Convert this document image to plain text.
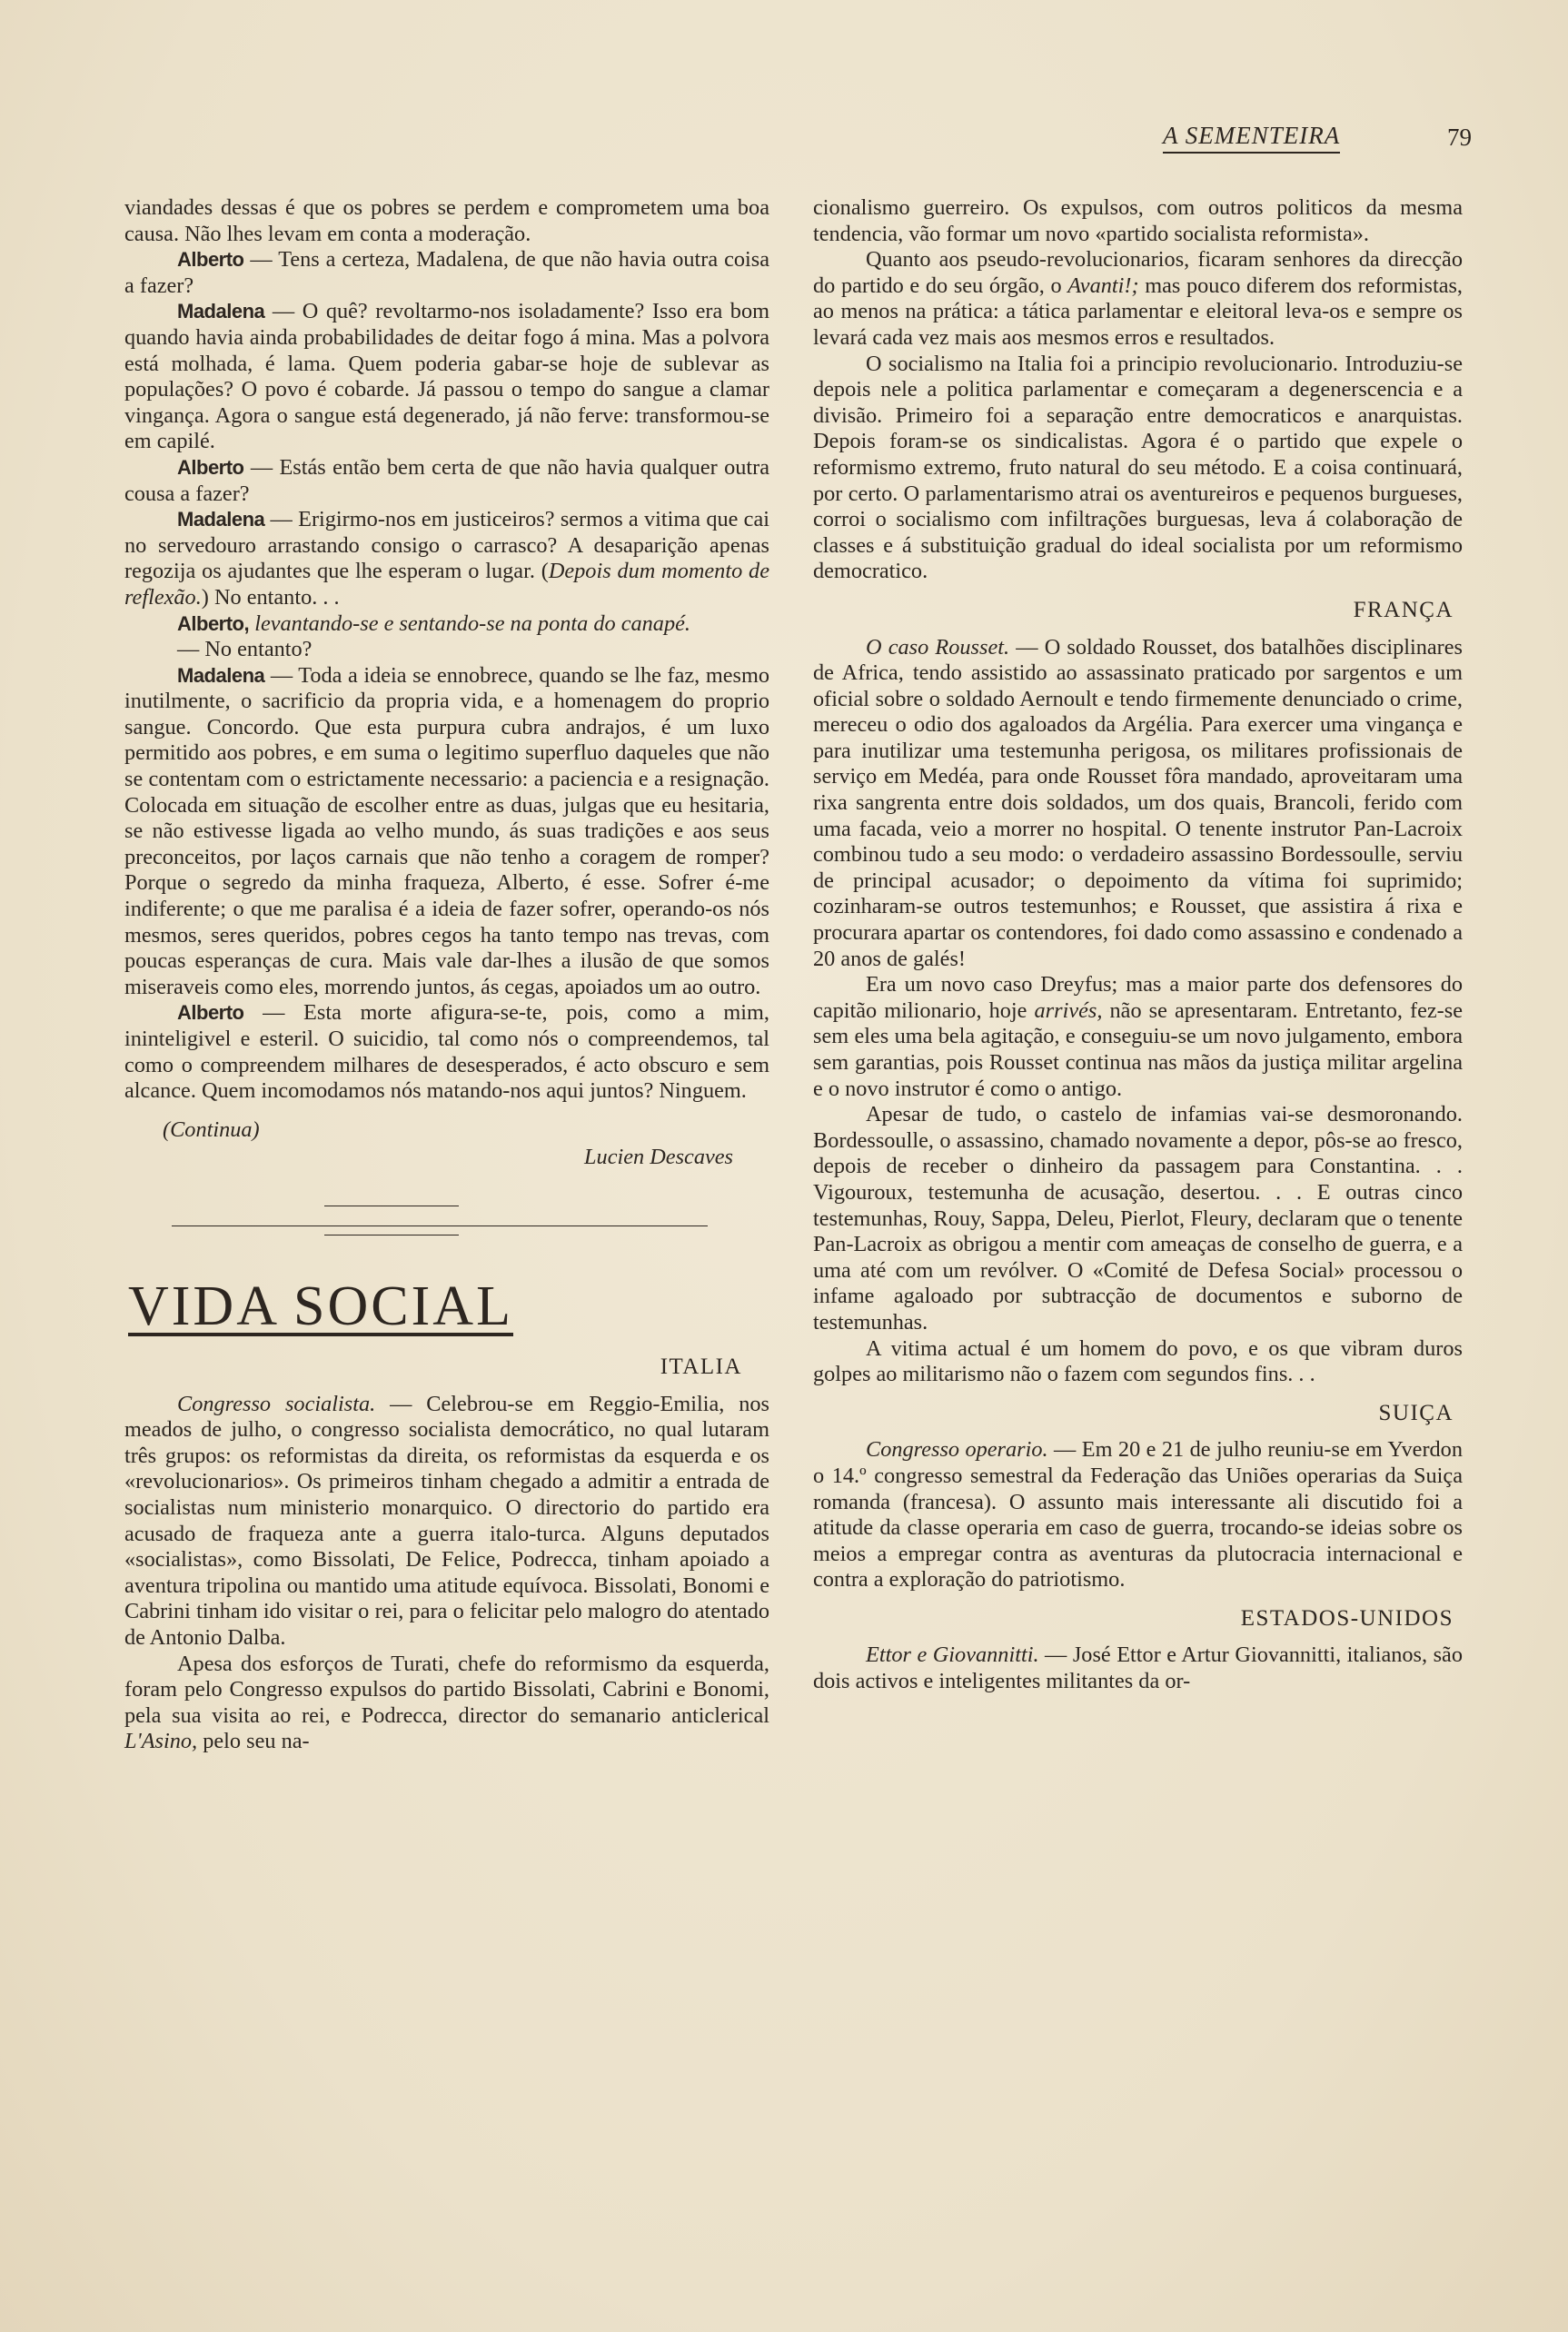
A SEMENTEIRA	79

viandades dessas é que os pobres se perdem e comprometem uma boa causa. Não lhes levam em conta a moderação.

Alberto — Tens a certeza, Madalena, de que não havia outra coisa a fazer?

Madalena — O quê? revoltarmo-nos isoladamente? Isso era bom quando havia ainda probabilidades de deitar fogo á mina. Mas a polvora está molhada, é lama. Quem poderia gabar-se hoje de sublevar as populações? O povo é cobarde. Já passou o tempo do sangue a clamar vingança. Agora o sangue está degenerado, já não ferve: transformou-se em capilé.

Alberto — Estás então bem certa de que não havia qualquer outra cousa a fazer?

Madalena — Erigirmo-nos em justiceiros? sermos a vitima que cai no servedouro arrastando consigo o carrasco? A desaparição apenas regozija os ajudantes que lhe esperam o lugar. (Depois dum momento de reflexão.) No entanto. . .

Alberto, levantando-se e sentando-se na ponta do canapé.

— No entanto?

Madalena — Toda a ideia se ennobrece, quando se lhe faz, mesmo inutilmente, o sacrificio da propria vida, e a homenagem do proprio sangue. Concordo. Que esta purpura cubra andrajos, é um luxo permitido aos pobres, e em suma o legitimo superfluo daqueles que não se contentam com o estrictamente necessario: a paciencia e a resignação. Colocada em situação de escolher entre as duas, julgas que eu hesitaria, se não estivesse ligada ao velho mundo, ás suas tradições e aos seus preconceitos, por laços carnais que não tenho a coragem de romper? Porque o segredo da minha fraqueza, Alberto, é esse. Sofrer é-me indiferente; o que me paralisa é a ideia de fazer sofrer, operando-os nós mesmos, seres queridos, pobres cegos ha tanto tempo nas trevas, com poucas esperanças de cura. Mais vale dar-lhes a ilusão de que somos miseraveis como eles, morrendo juntos, ás cegas, apoiados um ao outro.

Alberto — Esta morte afigura-se-te, pois, como a mim, ininteligivel e esteril. O suicidio, tal como nós o compreendemos, tal como o compreendem milhares de desesperados, é acto obscuro e sem alcance. Quem incomodamos nós matando-nos aqui juntos? Ninguem.

(Continua)

Lucien Descaves

VIDA SOCIAL

ITALIA

Congresso socialista. — Celebrou-se em Reggio-Emilia, nos meados de julho, o congresso socialista democrático, no qual lutaram três grupos: os reformistas da direita, os reformistas da esquerda e os «revolucionarios». Os primeiros tinham chegado a admitir a entrada de socialistas num ministerio monarquico. O directorio do partido era acusado de fraqueza ante a guerra italo-turca. Alguns deputados «socialistas», como Bissolati, De Felice, Podrecca, tinham apoiado a aventura tripolina ou mantido uma atitude equívoca. Bissolati, Bonomi e Cabrini tinham ido visitar o rei, para o felicitar pelo malogro do atentado de Antonio Dalba.

Apesa dos esforços de Turati, chefe do reformismo da esquerda, foram pelo Congresso expulsos do partido Bissolati, Cabrini e Bonomi, pela sua visita ao rei, e Podrecca, director do semanario anticlerical L'Asino, pelo seu na-

cionalismo guerreiro. Os expulsos, com outros politicos da mesma tendencia, vão formar um novo «partido socialista reformista».

Quanto aos pseudo-revolucionarios, ficaram senhores da direcção do partido e do seu órgão, o Avanti!; mas pouco diferem dos reformistas, ao menos na prática: a tática parlamentar e eleitoral leva-os e sempre os levará cada vez mais aos mesmos erros e resultados.

O socialismo na Italia foi a principio revolucionario. Introduziu-se depois nele a politica parlamentar e começaram a degenerscencia e a divisão. Primeiro foi a separação entre democraticos e anarquistas. Depois foram-se os sindicalistas. Agora é o partido que expele o reformismo extremo, fruto natural do seu método. E a coisa continuará, por certo. O parlamentarismo atrai os aventureiros e pequenos burgueses, corroi o socialismo com infiltrações burguesas, leva á colaboração de classes e á substituição gradual do ideal socialista por um reformismo democratico.

FRANÇA

O caso Rousset. — O soldado Rousset, dos batalhões disciplinares de Africa, tendo assistido ao assassinato praticado por sargentos e um oficial sobre o soldado Aernoult e tendo firmemente denunciado o crime, mereceu o odio dos agaloados da Argélia. Para exercer uma vingança e para inutilizar uma testemunha perigosa, os militares profissionais de serviço em Medéa, para onde Rousset fôra mandado, aproveitaram uma rixa sangrenta entre dois soldados, um dos quais, Brancoli, ferido com uma facada, veio a morrer no hospital. O tenente instrutor Pan-Lacroix combinou tudo a seu modo: o verdadeiro assassino Bordessoulle, serviu de principal acusador; o depoimento da vítima foi suprimido; cozinharam-se outros testemunhos; e Rousset, que assistira á rixa e procurara apartar os contendores, foi dado como assassino e condenado a 20 anos de galés!

Era um novo caso Dreyfus; mas a maior parte dos defensores do capitão milionario, hoje arrivés, não se apresentaram. Entretanto, fez-se sem eles uma bela agitação, e conseguiu-se um novo julgamento, embora sem garantias, pois Rousset continua nas mãos da justiça militar argelina e o novo instrutor é como o antigo.

Apesar de tudo, o castelo de infamias vai-se desmoronando. Bordessoulle, o assassino, chamado novamente a depor, pôs-se ao fresco, depois de receber o dinheiro da passagem para Constantina. . . Vigouroux, testemunha de acusação, desertou. . . E outras cinco testemunhas, Rouy, Sappa, Deleu, Pierlot, Fleury, declaram que o tenente Pan-Lacroix as obrigou a mentir com ameaças de conselho de guerra, e a uma até com um revólver. O «Comité de Defesa Social» processou o infame agaloado por subtracção de documentos e suborno de testemunhas.

A vitima actual é um homem do povo, e os que vibram duros golpes ao militarismo não o fazem com segundos fins. . .

SUIÇA

Congresso operario. — Em 20 e 21 de julho reuniu-se em Yverdon o 14.º congresso semestral da Federação das Uniões operarias da Suiça romanda (francesa). O assunto mais interessante ali discutido foi a atitude da classe operaria em caso de guerra, trocando-se ideias sobre os meios a empregar contra as aventuras da plutocracia internacional e contra a exploração do patriotismo.

ESTADOS-UNIDOS

Ettor e Giovannitti. — José Ettor e Artur Giovannitti, italianos, são dois activos e inteligentes militantes da or-
